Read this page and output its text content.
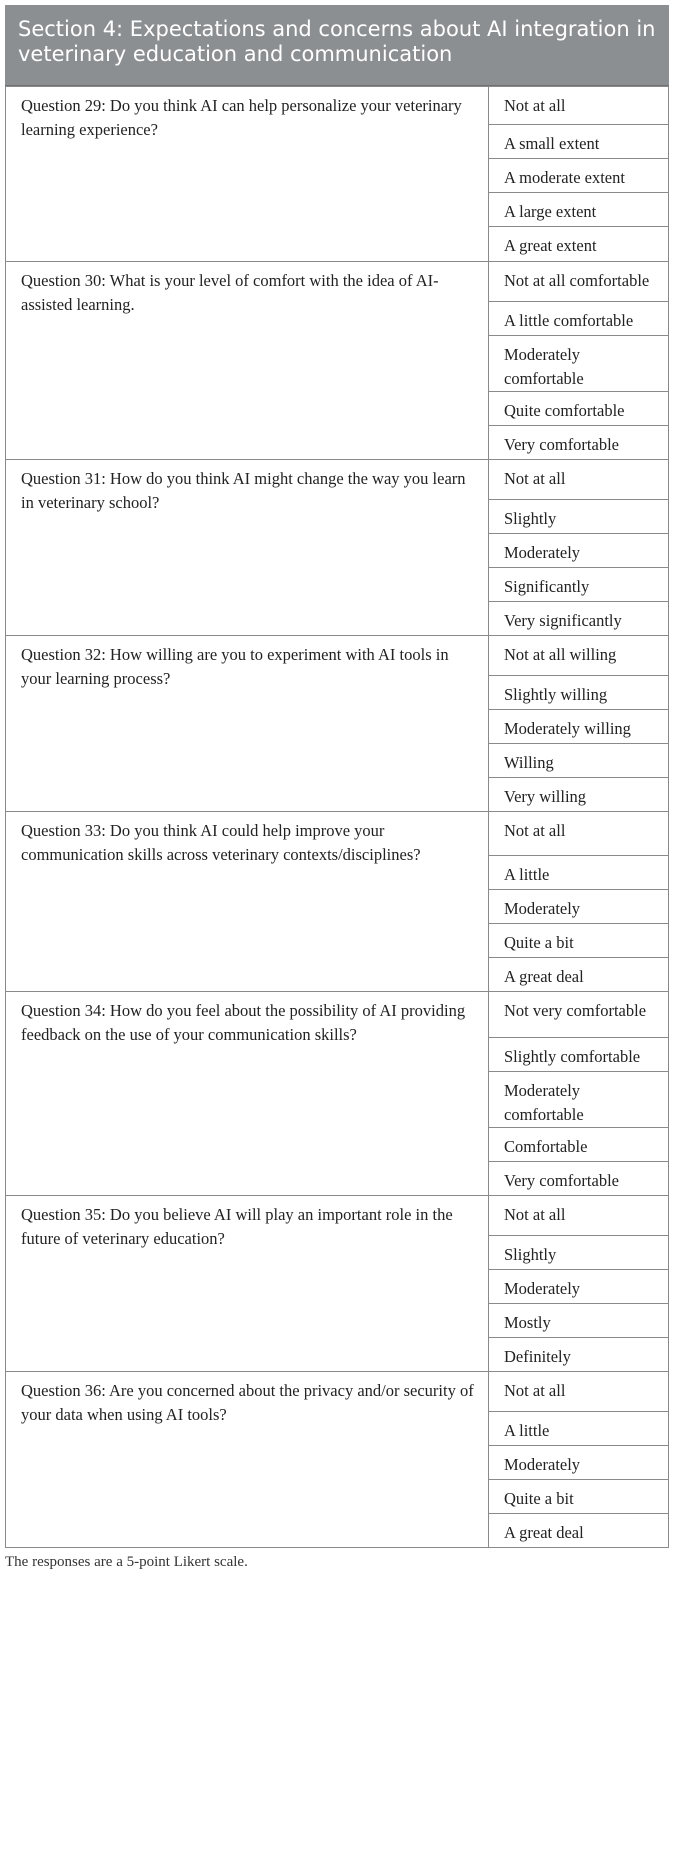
Section 4: Expectations and concerns about AI integration in veterinary education and communication
Question 29: Do you think AI can help personalize your veterinary learning experience?	Not at all
	A small extent
	A moderate extent
	A large extent
	A great extent
Question 30: What is your level of comfort with the idea of AI-assisted learning.	Not at all comfortable
	A little comfortable
	Moderately comfortable
	Quite comfortable
	Very comfortable
Question 31: How do you think AI might change the way you learn in veterinary school?	Not at all
	Slightly
	Moderately
	Significantly
	Very significantly
Question 32: How willing are you to experiment with AI tools in your learning process?	Not at all willing
	Slightly willing
	Moderately willing
	Willing
	Very willing
Question 33: Do you think AI could help improve your communication skills across veterinary contexts/disciplines?	Not at all
	A little
	Moderately
	Quite a bit
	A great deal
Question 34: How do you feel about the possibility of AI providing feedback on the use of your communication skills?	Not very comfortable
	Slightly comfortable
	Moderately comfortable
	Comfortable
	Very comfortable
Question 35: Do you believe AI will play an important role in the future of veterinary education?	Not at all
	Slightly
	Moderately
	Mostly
	Definitely
Question 36: Are you concerned about the privacy and/or security of your data when using AI tools?	Not at all
	A little
	Moderately
	Quite a bit
	A great deal
The responses are a 5-point Likert scale.
